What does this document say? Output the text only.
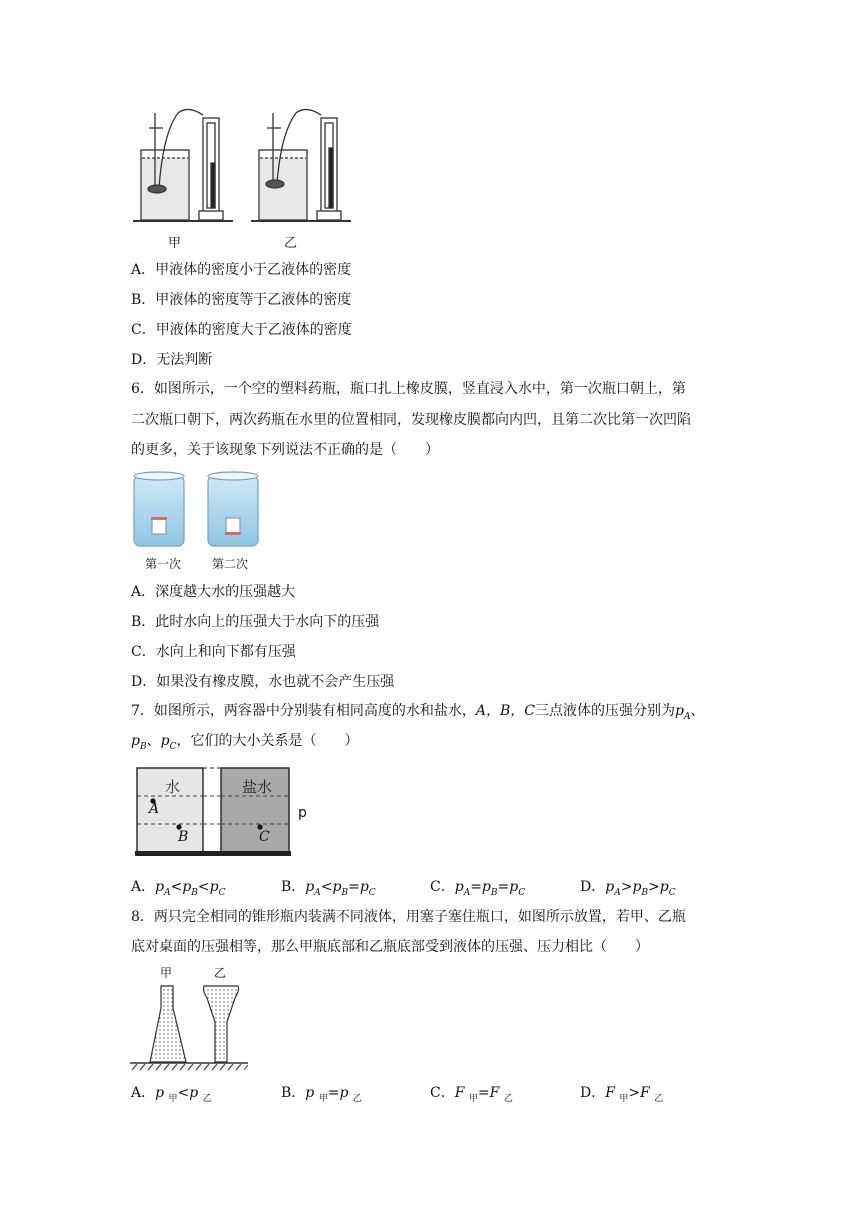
甲	乙
A．甲液体的密度小于乙液体的密度
B．甲液体的密度等于乙液体的密度
C．甲液体的密度大于乙液体的密度
D．无法判断
6．如图所示，一个空的塑料药瓶，瓶口扎上橡皮膜，竖直浸入水中，第一次瓶口朝上，第
二次瓶口朝下，两次药瓶在水里的位置相同，发现橡皮膜都向内凹，且第二次比第一次凹陷
的更多，关于该现象下列说法不正确的是（　　）
第一次	第二次
A．深度越大水的压强越大
B．此时水向上的压强大于水向下的压强
C．水向上和向下都有压强
D．如果没有橡皮膜，水也就不会产生压强
7．如图所示，两容器中分别装有相同高度的水和盐水，A，B，C三点液体的压强分别为$p_A$、
$p_B$、$p_C$，它们的大小关系是（　　）
水	盐水
A
B	C
p
A．$p_A<p_B<p_C$	B．$p_A<p_B=p_C$	C．$p_A=p_B=p_C$	D．$p_A>p_B>p_C$
8．两只完全相同的锥形瓶内装满不同液体，用塞子塞住瓶口，如图所示放置，若甲、乙瓶
底对桌面的压强相等，那么甲瓶底部和乙瓶底部受到液体的压强、压力相比（　　）
甲	乙
A．p $_甲$<p $_乙$	B．p $_甲$=p $_乙$	C．F $_甲$=F $_乙$	D．F $_甲$>F $_乙$
